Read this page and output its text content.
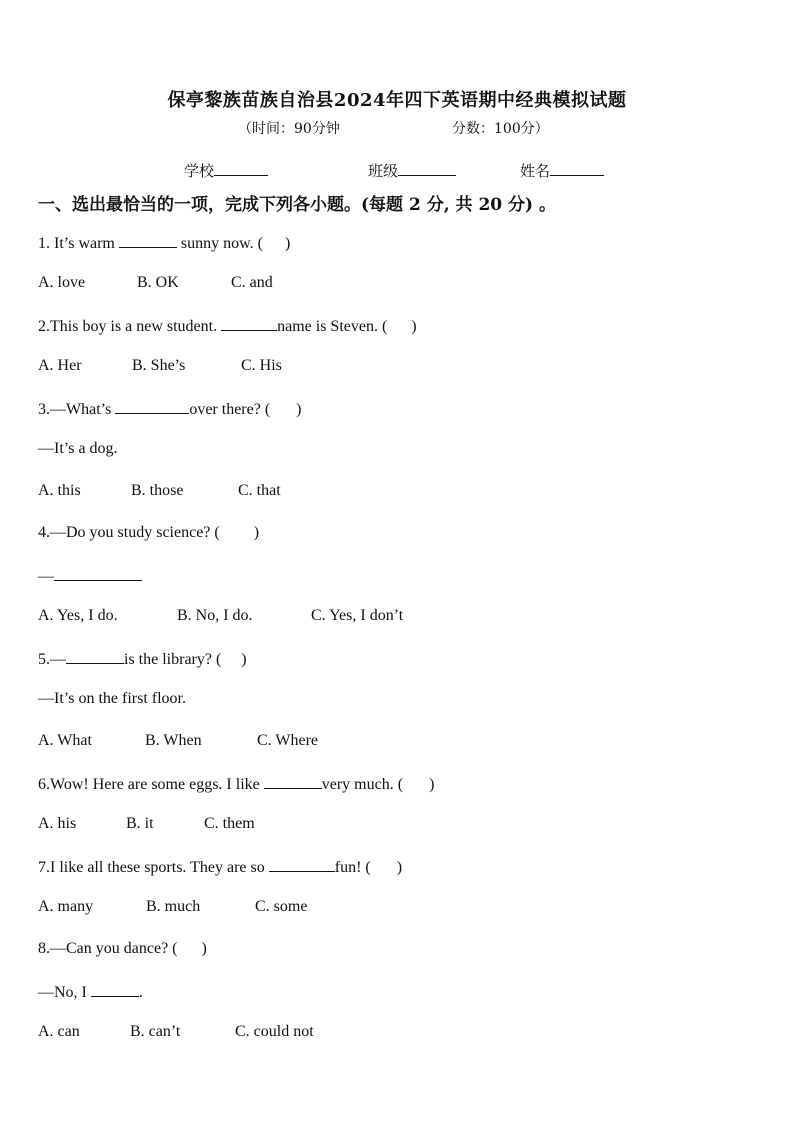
保亭黎族苗族自治县2024年四下英语期中经典模拟试题
（时间：90分钟	分数：100分）
学校	班级	姓名
一、选出最恰当的一项，完成下列各小题。(每题 2 分, 共 20 分) 。
1. It’s warm	sunny now. ( )
A. love	B. OK	C. and
2.This boy is a new student.	name is Steven. ( )
A. Her	B. She’s	C. His
3.—What’s	over there? ( )
—It’s a dog.
A. this	B. those	C. that
4.—Do you study science? ( )
—
A. Yes, I do.	B. No, I do.	C. Yes, I don’t
5.—	is the library? ( )
—It’s on the first floor.
A. What	B. When	C. Where
6.Wow! Here are some eggs. I like	very much. ( )
A. his	B. it	C. them
7.I like all these sports. They are so	fun! ( )
A. many	B. much	C. some
8.—Can you dance? ( )
—No, I	.
A. can	B. can’t	C. could not
